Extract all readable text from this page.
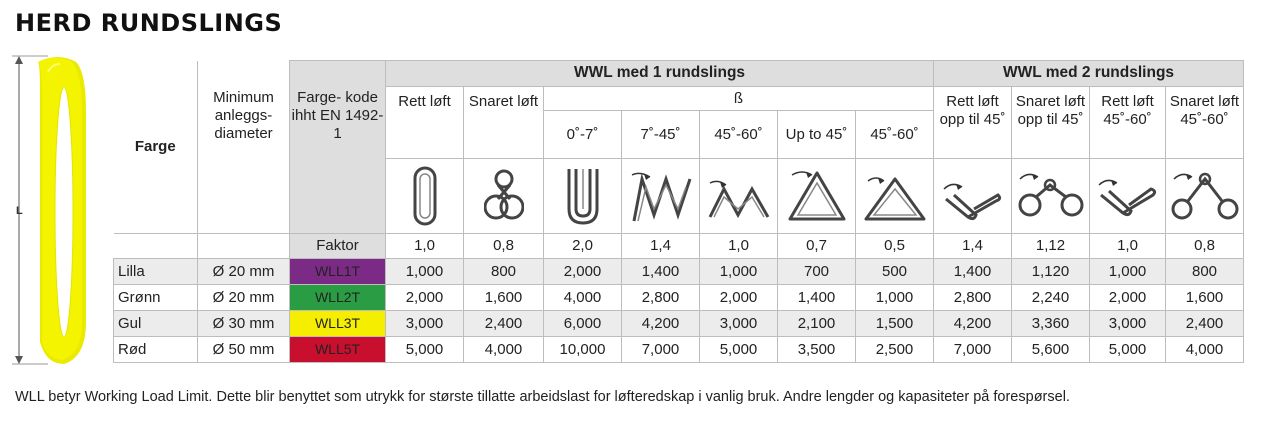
HERD RUNDSLINGS
L
Farge	Minimum anleggs- diameter	Farge- kode ihht EN 1492-1	WWL med 1 rundslings							WWL med 2 rundslings			
			Rett løft	Snaret løft	ß					Rett løft opp til 45˚	Snaret løft opp til 45˚	Rett løft 45˚-60˚	Snaret løft 45˚-60˚
					0˚-7˚	7˚-45˚	45˚-60˚	Up to 45˚	45˚-60˚				

		Faktor	1,0	0,8	2,0	1,4	1,0	0,7	0,5	1,4	1,12	1,0	0,8
Lilla	Ø 20 mm	WLL1T	1,000	800	2,000	1,400	1,000	700	500	1,400	1,120	1,000	800
Grønn	Ø 20 mm	WLL2T	2,000	1,600	4,000	2,800	2,000	1,400	1,000	2,800	2,240	2,000	1,600
Gul	Ø 30 mm	WLL3T	3,000	2,400	6,000	4,200	3,000	2,100	1,500	4,200	3,360	3,000	2,400
Rød	Ø 50 mm	WLL5T	5,000	4,000	10,000	7,000	5,000	3,500	2,500	7,000	5,600	5,000	4,000
WLL betyr Working Load Limit. Dette blir benyttet som utrykk for største tillatte arbeidslast for løfteredskap i vanlig bruk. Andre lengder og kapasiteter på forespørsel.
